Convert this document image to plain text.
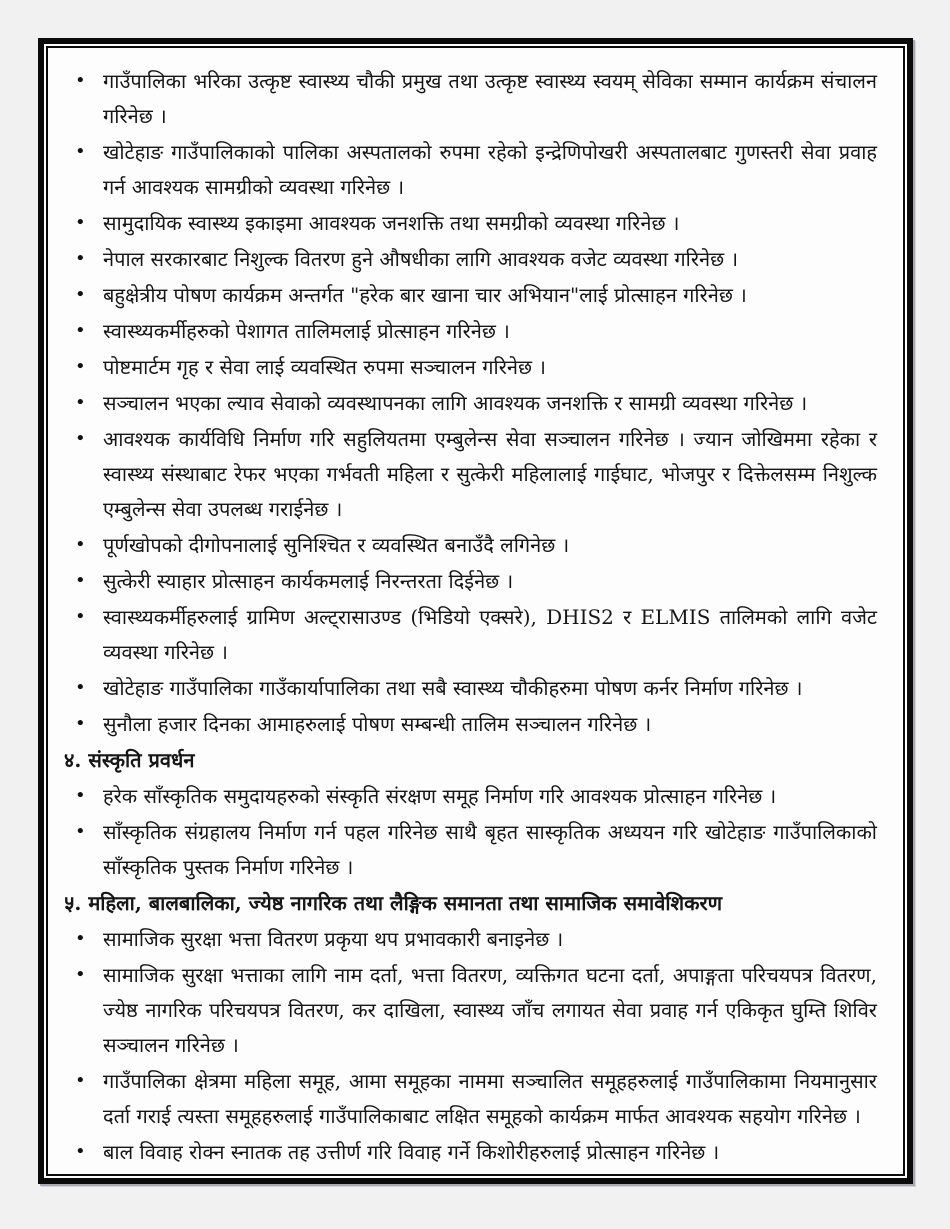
• गाउँपालिका भरिका उत्कृष्ट स्वास्थ्य चौकी प्रमुख तथा उत्कृष्ट स्वास्थ्य स्वयम् सेविका सम्मान कार्यक्रम संचालन गरिनेछ ।
• खोटेहाङ गाउँपालिकाको पालिका अस्पतालको रुपमा रहेको इन्द्रेणिपोखरी अस्पतालबाट गुणस्तरी सेवा प्रवाह गर्न आवश्यक सामग्रीको व्यवस्था गरिनेछ ।
• सामुदायिक स्वास्थ्य इकाइमा आवश्यक जनशक्ति तथा समग्रीको व्यवस्था गरिनेछ ।
• नेपाल सरकारबाट निशुल्क वितरण हुने औषधीका लागि आवश्यक वजेट व्यवस्था गरिनेछ ।
• बहुक्षेत्रीय पोषण कार्यक्रम अन्तर्गत "हरेक बार खाना चार अभियान"लाई प्रोत्साहन गरिनेछ ।
• स्वास्थ्यकर्मीहरुको पेशागत तालिमलाई प्रोत्साहन गरिनेछ ।
• पोष्टमार्टम गृह र सेवा लाई व्यवस्थित रुपमा सञ्चालन गरिनेछ ।
• सञ्चालन भएका ल्याव सेवाको व्यवस्थापनका लागि आवश्यक जनशक्ति र सामग्री व्यवस्था गरिनेछ ।
• आवश्यक कार्यविधि निर्माण गरि सहुलियतमा एम्बुलेन्स सेवा सञ्चालन गरिनेछ । ज्यान जोखिममा रहेका र स्वास्थ्य संस्थाबाट रेफर भएका गर्भवती महिला र सुत्केरी महिलालाई गाईघाट, भोजपुर र दिक्तेलसम्म निशुल्क एम्बुलेन्स सेवा उपलब्ध गराईनेछ ।
• पूर्णखोपको दीगोपनालाई सुनिश्चित र व्यवस्थित बनाउँदै लगिनेछ ।
• सुत्केरी स्याहार प्रोत्साहन कार्यकमलाई निरन्तरता दिईनेछ ।
• स्वास्थ्यकर्मीहरुलाई ग्रामिण अल्ट्रासाउण्ड (भिडियो एक्सरे), DHIS2 र ELMIS तालिमको लागि वजेट व्यवस्था गरिनेछ ।
• खोटेहाङ गाउँपालिका गाउँकार्यापालिका तथा सबै स्वास्थ्य चौकीहरुमा पोषण कर्नर निर्माण गरिनेछ ।
• सुनौला हजार दिनका आमाहरुलाई पोषण सम्बन्धी तालिम सञ्चालन गरिनेछ ।
४. संस्कृति प्रवर्धन
• हरेक साँस्कृतिक समुदायहरुको संस्कृति संरक्षण समूह निर्माण गरि आवश्यक प्रोत्साहन गरिनेछ ।
• साँस्कृतिक संग्रहालय निर्माण गर्न पहल गरिनेछ साथै बृहत सास्कृतिक अध्ययन गरि खोटेहाङ गाउँपालिकाको साँस्कृतिक पुस्तक निर्माण गरिनेछ ।
५. महिला, बालबालिका, ज्येष्ठ नागरिक तथा लैङ्गिक समानता तथा सामाजिक समावेशिकरण
• सामाजिक सुरक्षा भत्ता वितरण प्रकृया थप प्रभावकारी बनाइनेछ ।
• सामाजिक सुरक्षा भत्ताका लागि नाम दर्ता, भत्ता वितरण, व्यक्तिगत घटना दर्ता, अपाङ्गता परिचयपत्र वितरण, ज्येष्ठ नागरिक परिचयपत्र वितरण, कर दाखिला, स्वास्थ्य जाँच लगायत सेवा प्रवाह गर्न एकिकृत घुम्ति शिविर सञ्चालन गरिनेछ ।
• गाउँपालिका क्षेत्रमा महिला समूह, आमा समूहका नाममा सञ्चालित समूहहरुलाई गाउँपालिकामा नियमानुसार दर्ता गराई त्यस्ता समूहहरुलाई गाउँपालिकाबाट लक्षित समूहको कार्यक्रम मार्फत आवश्यक सहयोग गरिनेछ ।
• बाल विवाह रोक्न स्नातक तह उत्तीर्ण गरि विवाह गर्ने किशोरीहरुलाई प्रोत्साहन गरिनेछ ।
